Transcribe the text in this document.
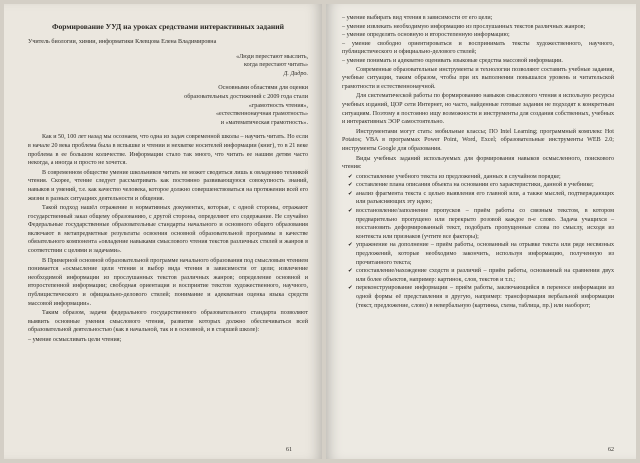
Формирование УУД на уроках средствами интерактивных заданий
Учитель биологии, химии, информатики Клевцова Елена Владимировна
«Люди перестают мыслить,
когда перестают читать»
Д. Дидро.
Основными областями для оценки
образовательных достижений с 2009 года стали
«грамотность чтения»,
«естественнонаучная грамотность»
и «математическая грамотность».

Как и 50, 100 лет назад мы осознаем, что одна из задач современной школы – научить читать. Но если в начале 20 века проблема была в вспышке и чтении и нехватке носителей информации (книг), то в 21 веке проблема в ее большом количестве. Информации стало так много, что читать ее нашим детям часто некогда, а иногда и просто не хочется.

В современном обществе умение школьников читать не может сводиться лишь к овладению техникой чтения. Скорее, чтение следует рассматривать как постоянно развивающуюся совокупность знаний, навыков и умений, т.е. как качество человека, которое должно совершенствоваться на протяжении всей его жизни в разных ситуациях деятельности и общения.

Такой подход нашёл отражение в нормативных документах, которые, с одной стороны, отражают государственный заказ общему образованию, с другой стороны, определяют его содержание. Не случайно Федеральные государственные образовательные стандарты начального и основного общего образования включают в метапредметные результаты освоения основной образовательной программы в качестве обязательного компонента «овладение навыками смыслового чтения текстов различных стилей и жанров в соответствии с целями и задачами».

В Примерной основной образовательной программе начального образования под смысловым чтением понимается «осмысление цели чтения и выбор вида чтения в зависимости от цели; извлечение необходимой информации из прослушанных текстов различных жанров; определение основной и второстепенной информации; свободная ориентация и восприятие текстов художественного, научного, публицистического и официально-делового стилей; понимание и адекватная оценка языка средств массовой информации».

Таким образом, задачи федерального государственного образовательного стандарта позволяют выявить основные умения смыслового чтения, развитие которых должно обеспечиваться всей образовательной деятельностью (как в начальной, так и в основной, и в старшей школе):

– умение осмысливать цели чтения;

61

– умение выбирать вид чтения в зависимости от его цели;

– умение извлекать необходимую информацию из прослушанных текстов различных жанров;

– умение определять основную и второстепенную информацию;

– умение свободно ориентироваться и воспринимать тексты художественного, научного, публицистического и официально-делового стилей;

– умение понимать и адекватно оценивать языковые средства массовой информации.

Современные образовательные инструменты и технологии позволяют составить учебные задания, учебные ситуации, таким образом, чтобы при их выполнении повышался уровень и читательской грамотности и естественнонаучной.

Для систематической работы по формированию навыков смыслового чтения я использую ресурсы учебных изданий, ЦОР сети Интернет, но часто, найденные готовые задания не подходят к конкретным ситуациям. Поэтому я постоянно ищу возможности и инструменты для создания собственных, учебных и интерактивных ЭОР самостоятельно.

Инструментами могут стать: мобильные классы; ПО Intel Learning; программный комплекс Hot Potatos; VBA в программах Power Point, Word, Excel; образовательные инструменты WEB 2.0; инструменты Google для образования.

Виды учебных заданий используемых для формирования навыков осмысленного, поискового чтения:

✔ сопоставление учебного текста из предложений, данных в случайном порядке;
✔ составление плана описания объекта на основании его характеристики, данной в учебнике;
✔ анализ фрагмента текста с целью выявления его главной или, а также мыслей, подтверждающих или разъясняющих эту идею;
✔ восстановление/заполнение пропусков – приём работы со связным текстом, в котором предварительно пропущено или перекрыто розовой каждое n-е слово. Задача учащихся – восстановить деформированный текст, подобрать пропущенные слова по смыслу, исходя из контекста или признаков (учтите все факторы);
✔ упражнение на дополнение – приём работы, основанный на отрывке текста или ряде несвязных предложений, которые необходимо закончить, используя информацию, полученную из прочитанного текста;
✔ сопоставление/нахождение сходств и различий – приём работы, основанный на сравнении двух или более объектов, например: картинок, слов, текстов и т.п.;
✔ переконструирование информации – приём работы, заключающийся в переносе информации из одной формы её представления в другую, например: трансформация вербальной информации (текст, предложение, слово) в невербальную (картинка, схема, таблица, пр.) или наоборот;
62
